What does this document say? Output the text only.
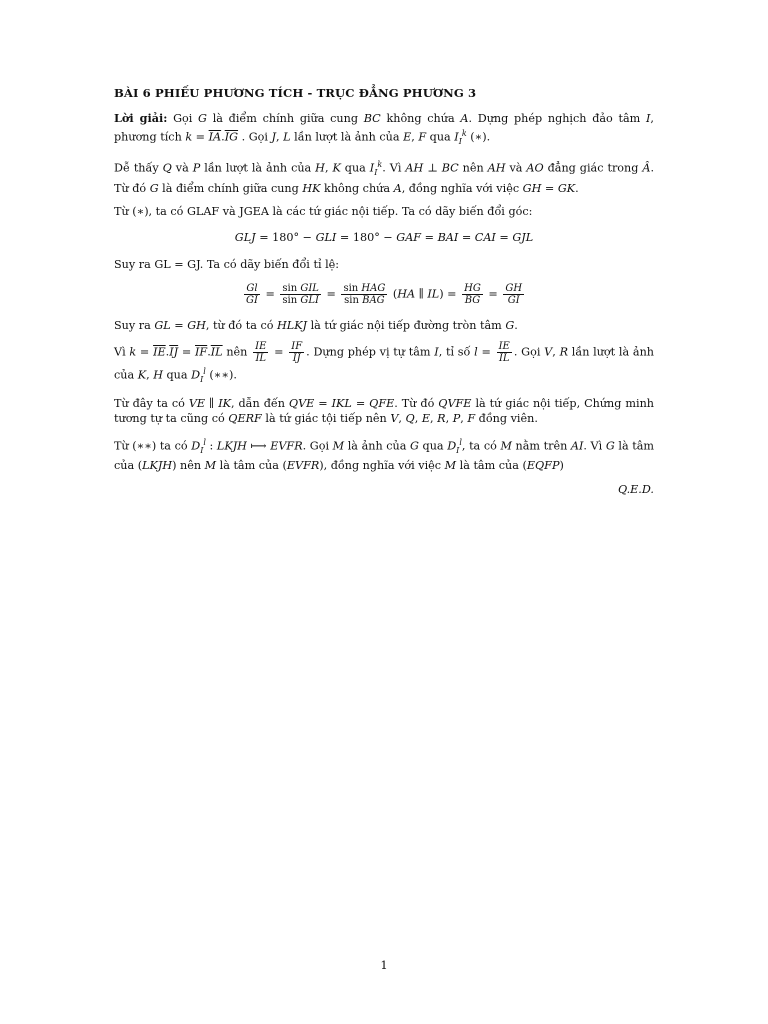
BÀI 6 PHIẾU PHƯƠNG TÍCH - TRỤC ĐẲNG PHƯƠNG 3

Lời giải: Gọi G là điểm chính giữa cung BC không chứa A. Dựng phép nghịch đảo tâm I, phương tích $k = \overline{IA}.\overline{IG}$ . Gọi J, L lần lượt là ảnh của E, F qua $I_I^k$ (∗).

Dễ thấy Q và P lần lượt là ảnh của H, K qua $I_I^k$. Vì AH ⊥ BC nên AH và AO đẳng giác trong Â. Từ đó G là điểm chính giữa cung HK không chứa A, đồng nghĩa với việc GH = GK.

Từ (∗), ta có GLAF và JGEA là các tứ giác nội tiếp. Ta có dãy biến đổi góc:

GLJ = 180° − GLI = 180° − GAF = BAI = CAI = GJL

Suy ra GL = GJ. Ta có dãy biến đổi tỉ lệ:

$\frac{Gl}{GI} = \frac{\text{sin GIL}}{\text{sin GLI}} = \frac{\text{sin HAG}}{\text{sin BAG}} (HA$ ∥ $IL) = \frac{HG}{BG} = \frac{GH}{GI}$

Suy ra GL = GH, từ đó ta có HLKJ là tứ giác nội tiếp đường tròn tâm G.

Vì $k = \overline{IE}.\overline{IJ} = \overline{IF}.\overline{IL}$ nên $\frac{IE}{IL} = \frac{IF}{IJ}$ . Dựng phép vị tự tâm I, tỉ số $l = \frac{IE}{IL}$ . Gọi V, R lần lượt là ảnh của K, H qua $D_I^l$ (∗∗).

Từ đây ta có VE ∥ IK, dẫn đến QVE = IKL = QFE. Từ đó QVFE là tứ giác nội tiếp, Chứng minh tương tự ta cũng có QERF là tứ giác tội tiếp nên V, Q, E, R, P, F đồng viên.

Từ (∗∗) ta có $D_I^l$ : LKJH ⟼ EVFR. Gọi M là ảnh của G qua $D_I^l$, ta có M nằm trên AI. Vì G là tâm của (LKJH) nên M là tâm của (EVFR), đồng nghĩa với việc M là tâm của (EQFP)

Q.E.D.
1
